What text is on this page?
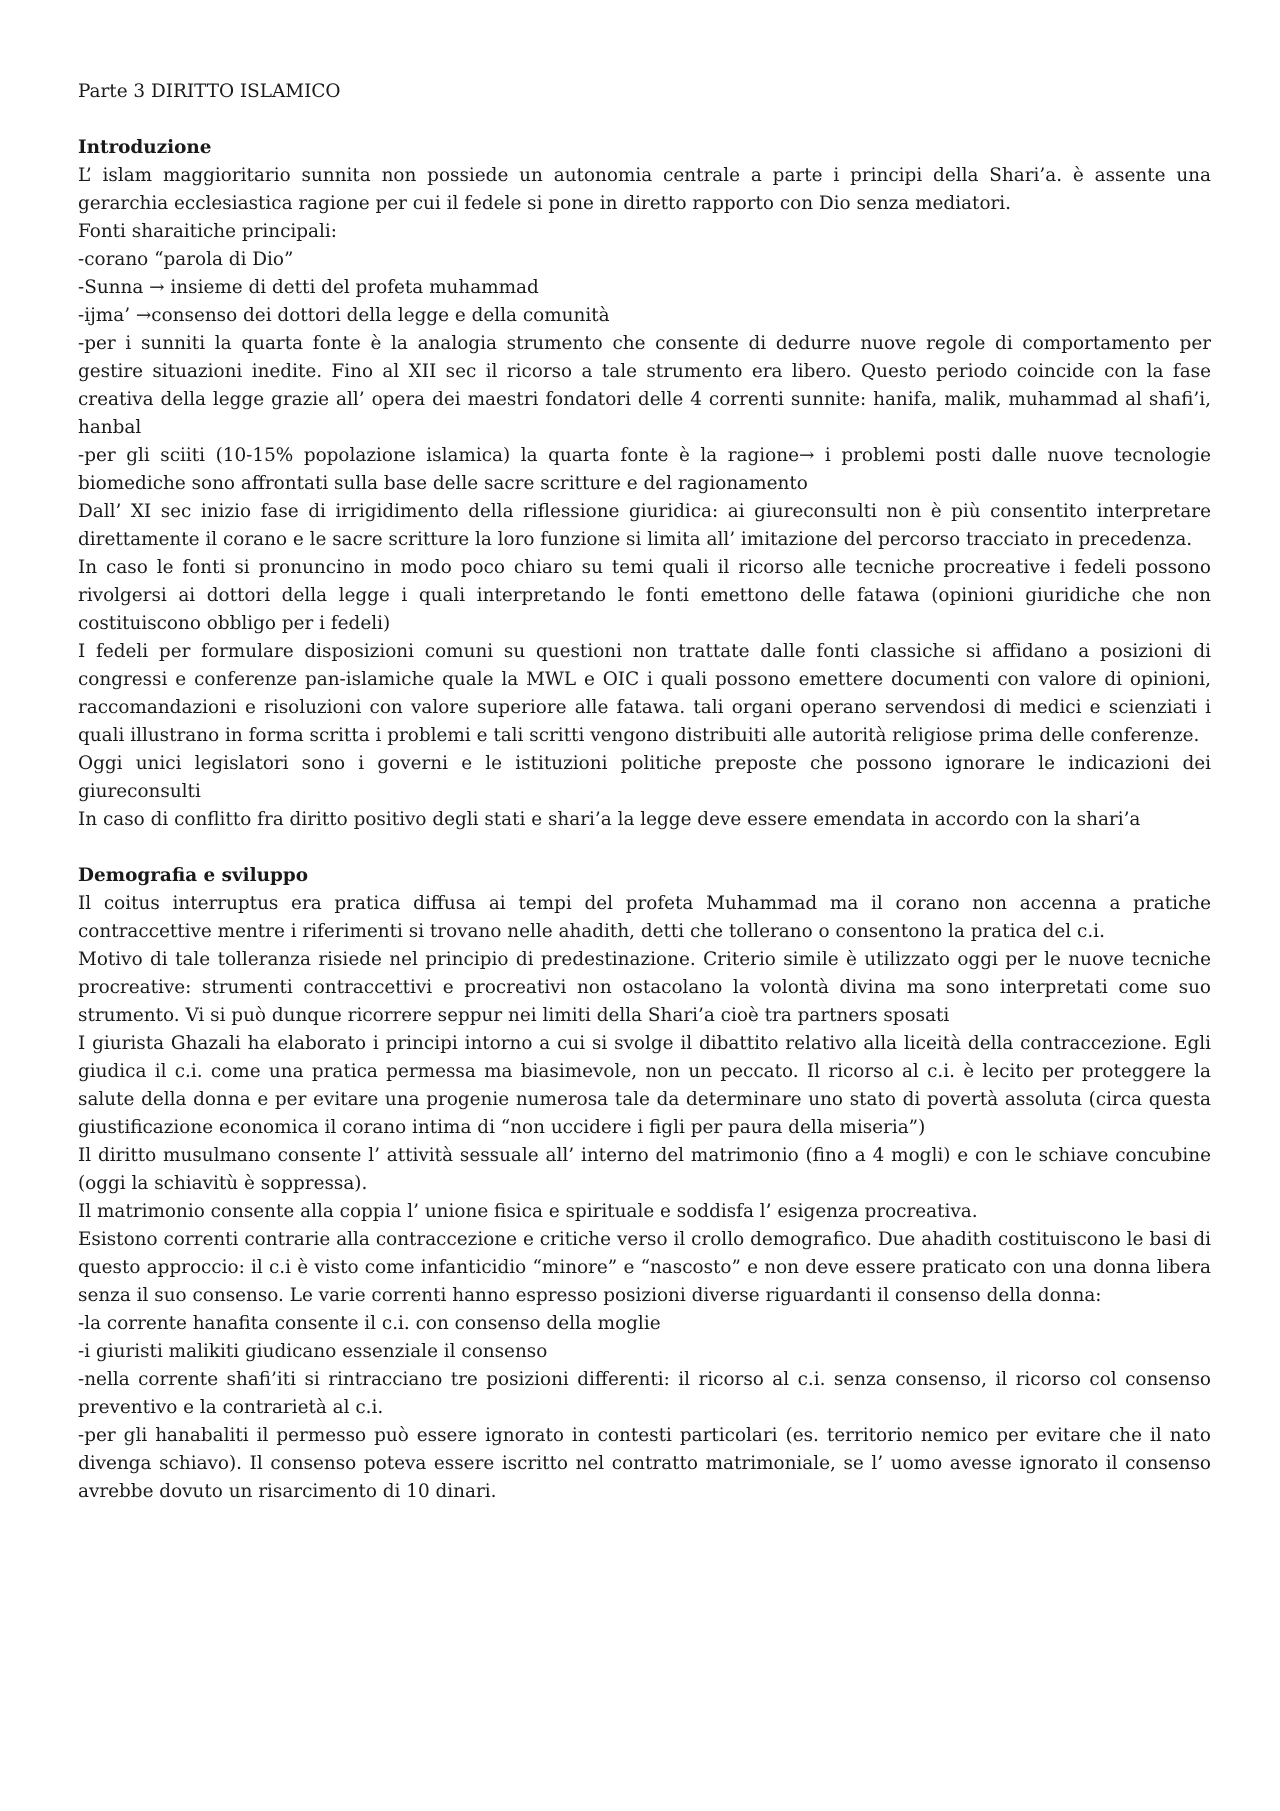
Parte 3 DIRITTO ISLAMICO

Introduzione

L’ islam maggioritario sunnita non possiede un autonomia centrale a parte i principi della Shari’a. è assente una gerarchia ecclesiastica ragione per cui il fedele si pone in diretto rapporto con Dio senza mediatori.

Fonti sharaitiche principali:

-corano “parola di Dio”

-Sunna → insieme di detti del profeta muhammad

-ijma’ →consenso dei dottori della legge e della comunità

-per i sunniti la quarta fonte è la analogia strumento che consente di dedurre nuove regole di comportamento per gestire situazioni inedite. Fino al XII sec il ricorso a tale strumento era libero. Questo periodo coincide con la fase creativa della legge grazie all’ opera dei maestri fondatori delle 4 correnti sunnite: hanifa, malik, muhammad al shafi’i, hanbal

-per gli sciiti (10-15% popolazione islamica) la quarta fonte è la ragione→ i problemi posti dalle nuove tecnologie biomediche sono affrontati sulla base delle sacre scritture e del ragionamento

Dall’ XI sec inizio fase di irrigidimento della riflessione giuridica: ai giureconsulti non è più consentito interpretare direttamente il corano e le sacre scritture la loro funzione si limita all’ imitazione del percorso tracciato in precedenza.

In caso le fonti si pronuncino in modo poco chiaro su temi quali il ricorso alle tecniche procreative i fedeli possono rivolgersi ai dottori della legge i quali interpretando le fonti emettono delle fatawa (opinioni giuridiche che non costituiscono obbligo per i fedeli)

I fedeli per formulare disposizioni comuni su questioni non trattate dalle fonti classiche si affidano a posizioni di congressi e conferenze pan-islamiche quale la MWL e OIC i quali possono emettere documenti con valore di opinioni, raccomandazioni e risoluzioni con valore superiore alle fatawa. tali organi operano servendosi di medici e scienziati i quali illustrano in forma scritta i problemi e tali scritti vengono distribuiti alle autorità religiose prima delle conferenze.

Oggi unici legislatori sono i governi e le istituzioni politiche preposte che possono ignorare le indicazioni dei giureconsulti

In caso di conflitto fra diritto positivo degli stati e shari’a la legge deve essere emendata in accordo con la shari’a

Demografia e sviluppo

Il coitus interruptus era pratica diffusa ai tempi del profeta Muhammad ma il corano non accenna a pratiche contraccettive mentre i riferimenti si trovano nelle ahadith, detti che tollerano o consentono la pratica del c.i.

Motivo di tale tolleranza risiede nel principio di predestinazione. Criterio simile è utilizzato oggi per le nuove tecniche procreative: strumenti contraccettivi e procreativi non ostacolano la volontà divina ma sono interpretati come suo strumento. Vi si può dunque ricorrere seppur nei limiti della Shari’a cioè tra partners sposati

I giurista Ghazali ha elaborato i principi intorno a cui si svolge il dibattito relativo alla liceità della contraccezione. Egli giudica il c.i. come una pratica permessa ma biasimevole, non un peccato. Il ricorso al c.i. è lecito per proteggere la salute della donna e per evitare una progenie numerosa tale da determinare uno stato di povertà assoluta (circa questa giustificazione economica il corano intima di “non uccidere i figli per paura della miseria”)

Il diritto musulmano consente l’ attività sessuale all’ interno del matrimonio (fino a 4 mogli) e con le schiave concubine (oggi la schiavitù è soppressa).

Il matrimonio consente alla coppia l’ unione fisica e spirituale e soddisfa l’ esigenza procreativa.

Esistono correnti contrarie alla contraccezione e critiche verso il crollo demografico. Due ahadith costituiscono le basi di questo approccio: il c.i è visto come infanticidio “minore” e “nascosto” e non deve essere praticato con una donna libera senza il suo consenso. Le varie correnti hanno espresso posizioni diverse riguardanti il consenso della donna:

-la corrente hanafita consente il c.i. con consenso della moglie

-i giuristi malikiti giudicano essenziale il consenso

-nella corrente shafi’iti si rintracciano tre posizioni differenti: il ricorso al c.i. senza consenso, il ricorso col consenso preventivo e la contrarietà al c.i.

-per gli hanabaliti il permesso può essere ignorato in contesti particolari (es. territorio nemico per evitare che il nato divenga schiavo). Il consenso poteva essere iscritto nel contratto matrimoniale, se l’ uomo avesse ignorato il consenso avrebbe dovuto un risarcimento di 10 dinari.
